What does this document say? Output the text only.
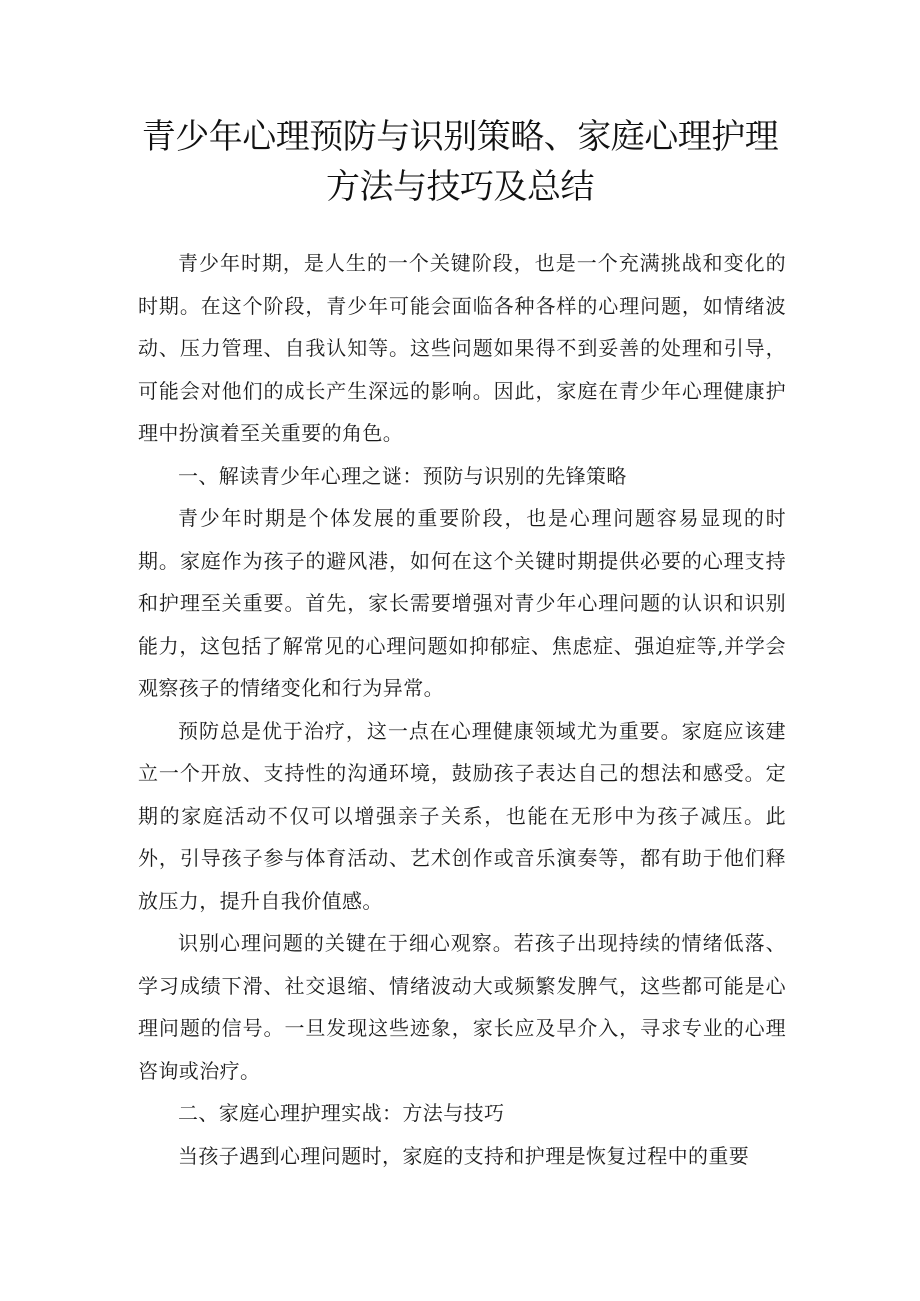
青少年心理预防与识别策略、家庭心理护理
方法与技巧及总结

青少年时期，是人生的一个关键阶段，也是一个充满挑战和变化的时期。在这个阶段，青少年可能会面临各种各样的心理问题，如情绪波动、压力管理、自我认知等。这些问题如果得不到妥善的处理和引导，可能会对他们的成长产生深远的影响。因此，家庭在青少年心理健康护理中扮演着至关重要的角色。

一、解读青少年心理之谜：预防与识别的先锋策略

青少年时期是个体发展的重要阶段，也是心理问题容易显现的时期。家庭作为孩子的避风港，如何在这个关键时期提供必要的心理支持和护理至关重要。首先，家长需要增强对青少年心理问题的认识和识别能力，这包括了解常见的心理问题如抑郁症、焦虑症、强迫症等,并学会观察孩子的情绪变化和行为异常。

预防总是优于治疗，这一点在心理健康领域尤为重要。家庭应该建立一个开放、支持性的沟通环境，鼓励孩子表达自己的想法和感受。定期的家庭活动不仅可以增强亲子关系，也能在无形中为孩子减压。此外，引导孩子参与体育活动、艺术创作或音乐演奏等，都有助于他们释放压力，提升自我价值感。

识别心理问题的关键在于细心观察。若孩子出现持续的情绪低落、学习成绩下滑、社交退缩、情绪波动大或频繁发脾气，这些都可能是心理问题的信号。一旦发现这些迹象，家长应及早介入，寻求专业的心理咨询或治疗。

二、家庭心理护理实战：方法与技巧

当孩子遇到心理问题时，家庭的支持和护理是恢复过程中的重要
